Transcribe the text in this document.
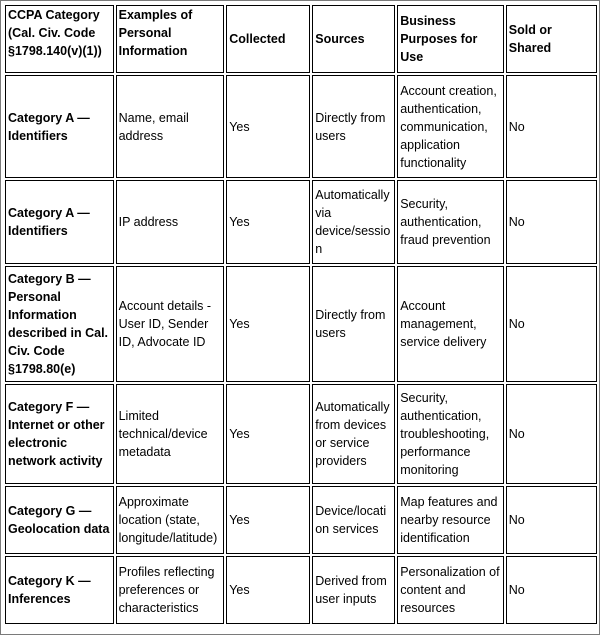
CCPA Category (Cal. Civ. Code §1798.140(v)(1))	Examples of Personal Information	Collected	Sources	Business Purposes for Use	Sold or Shared
Category A — Identifiers	Name, email address	Yes	Directly from users	Account creation, authentication, communication, application functionality	No
Category A — Identifiers	IP address	Yes	Automatically via device/session	Security, authentication, fraud prevention	No
Category B — Personal Information described in Cal. Civ. Code §1798.80(e)	Account details - User ID, Sender ID, Advocate ID	Yes	Directly from users	Account management, service delivery	No
Category F — Internet or other electronic network activity	Limited technical/device metadata	Yes	Automatically from devices or service providers	Security, authentication, troubleshooting, performance monitoring	No
Category G — Geolocation data	Approximate location (state, longitude/latitude)	Yes	Device/location services	Map features and nearby resource identification	No
Category K — Inferences	Profiles reflecting preferences or characteristics	Yes	Derived from user inputs	Personalization of content and resources	No
